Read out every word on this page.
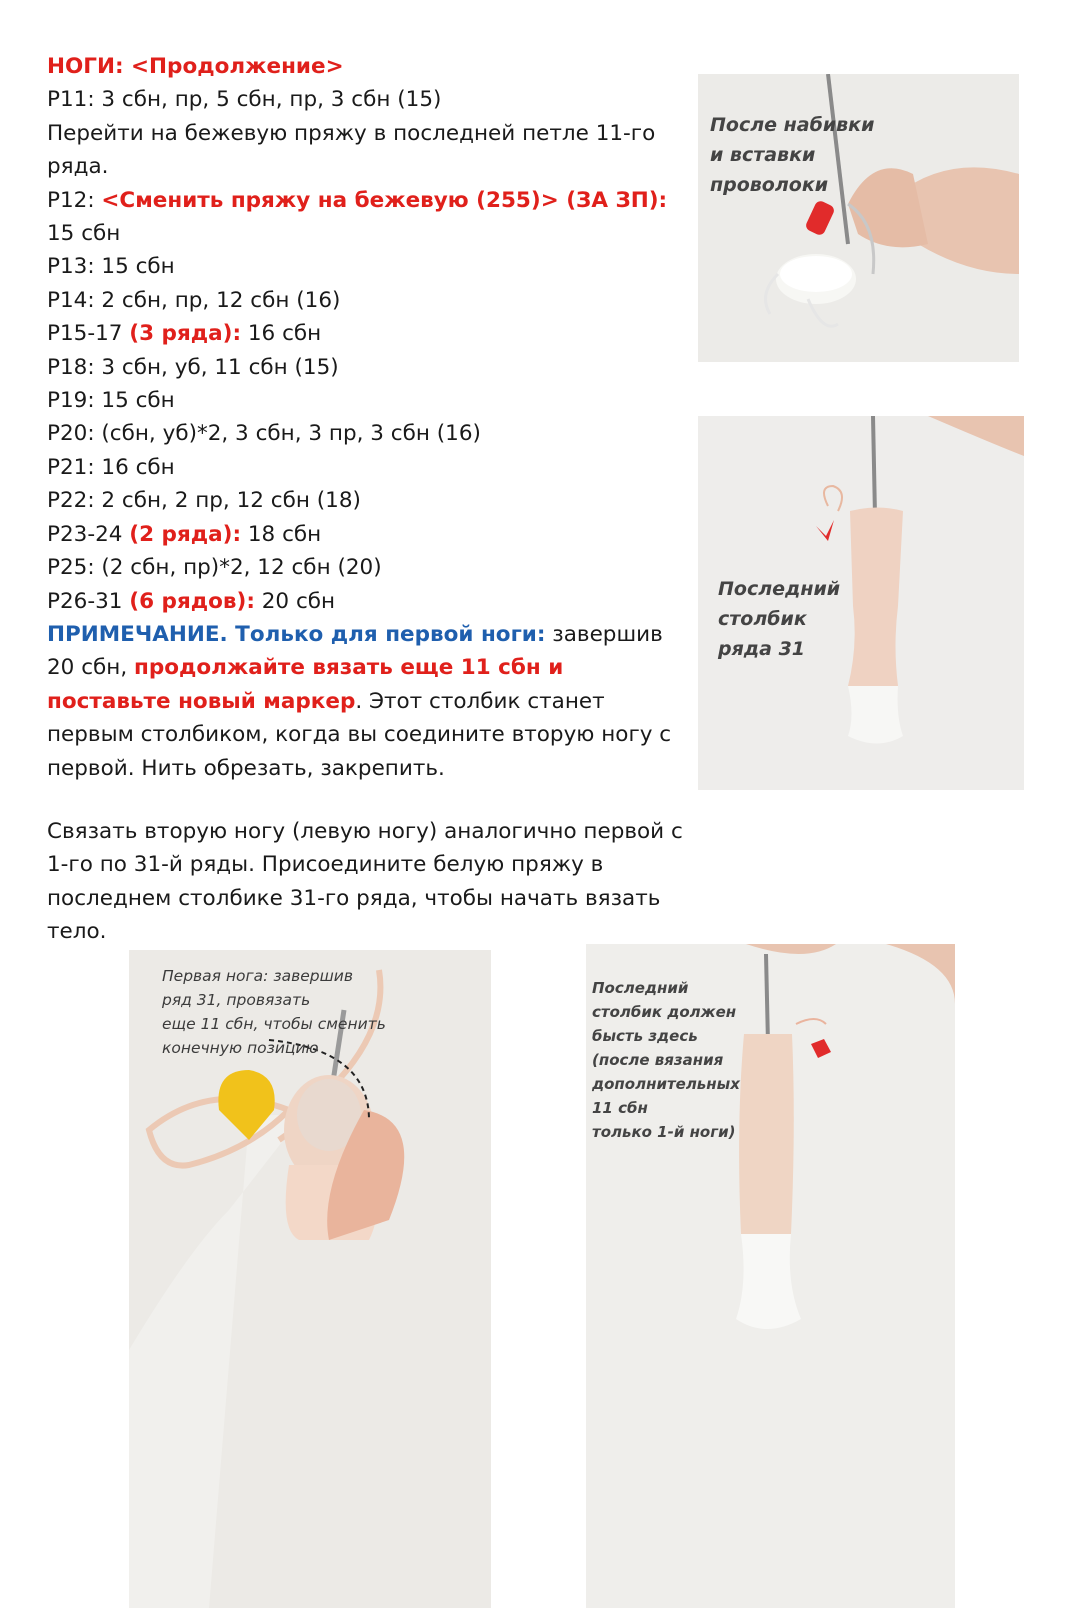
НОГИ: <Продолжение>
Р11: 3 сбн, пр, 5 сбн, пр, 3 сбн (15)
Перейти на бежевую пряжу в последней петле 11-го ряда.
Р12: <Сменить пряжу на бежевую (255)> (ЗА ЗП):
15 сбн
Р13: 15 сбн
Р14: 2 сбн, пр, 12 сбн (16)
Р15-17 (3 ряда): 16 сбн
Р18: 3 сбн, уб, 11 сбн (15)
Р19: 15 сбн
Р20: (сбн, уб)*2, 3 сбн, 3 пр, 3 сбн (16)
Р21: 16 сбн
Р22: 2 сбн, 2 пр, 12 сбн (18)
Р23-24 (2 ряда): 18 сбн
Р25: (2 сбн, пр)*2, 12 сбн (20)
Р26-31 (6 рядов): 20 сбн
ПРИМЕЧАНИЕ. Только для первой ноги: завершив 20 сбн, продолжайте вязать еще 11 сбн и поставьте новый маркер. Этот столбик станет первым столбиком, когда вы соедините вторую ногу с первой. Нить обрезать, закрепить.
Связать вторую ногу (левую ногу) аналогично первой с 1-го по 31-й ряды. Присоедините белую пряжу в последнем столбике 31-го ряда, чтобы начать вязать тело.
После набивки
и вставки
проволоки
Последний
столбик
ряда 31
Первая нога: завершив
ряд 31, провязать
еще 11 сбн, чтобы сменить
конечную позицию
Последний
столбик должен
бысть здесь
(после вязания
дополнительных
11 сбн
только 1-й ноги)
